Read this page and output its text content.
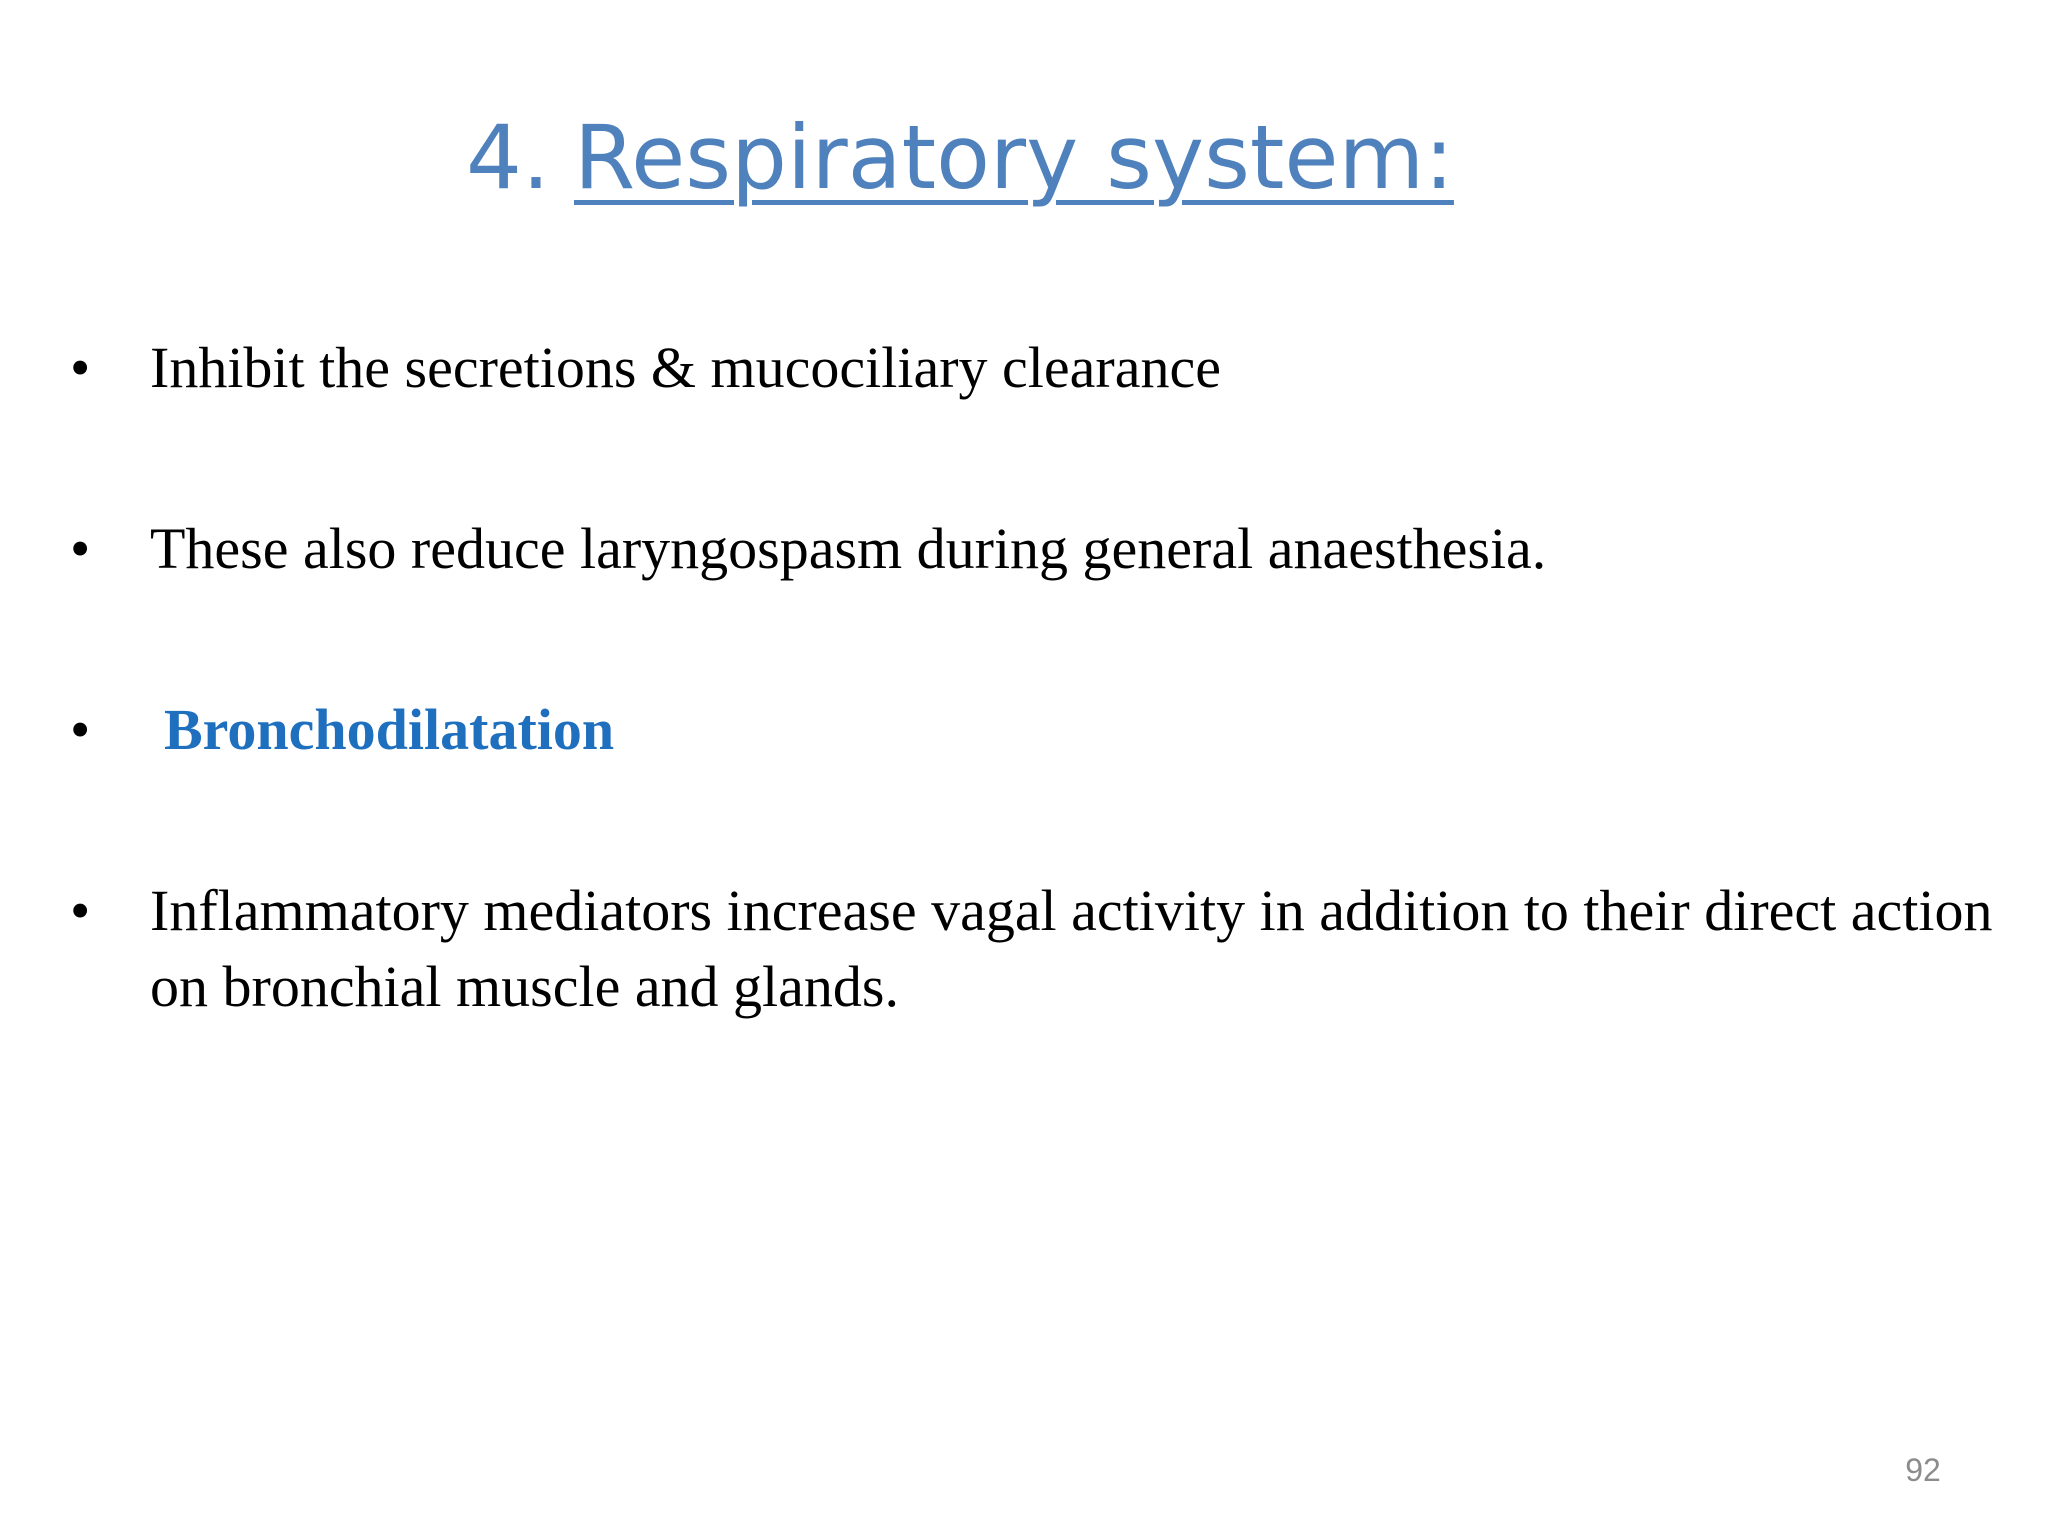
4. Respiratory system:
•	Inhibit the secretions & mucociliary clearance
•	These also reduce laryngospasm during general anaesthesia.
•	Bronchodilatation
•	Inflammatory mediators increase vagal activity in addition to their direct action on bronchial muscle and glands.
92
